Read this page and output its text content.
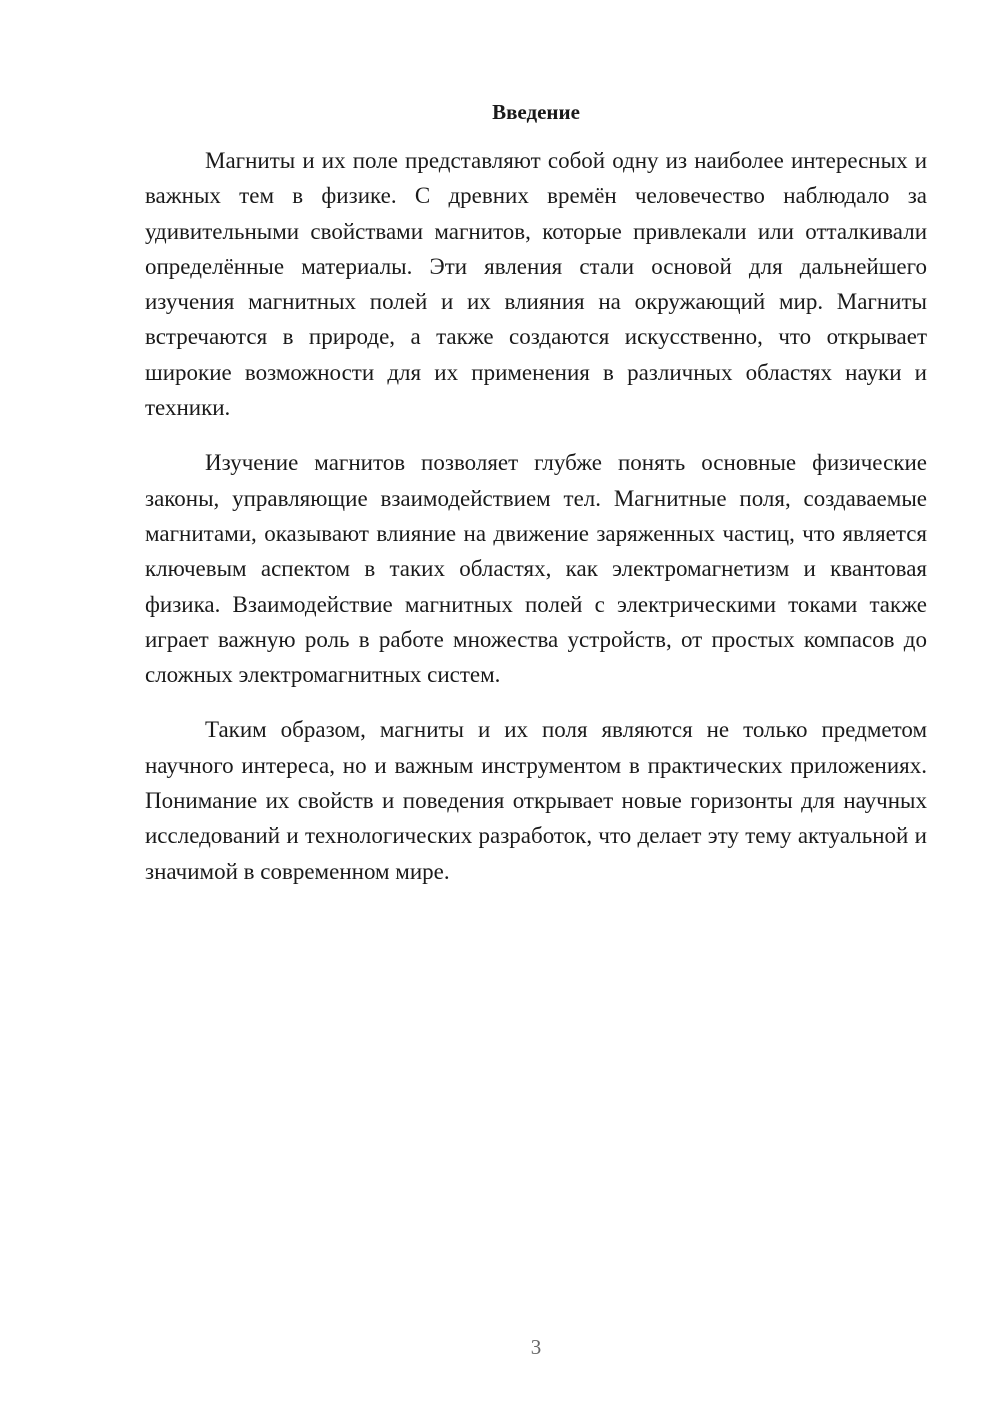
Введение

Магниты и их поле представляют собой одну из наиболее интересных и важных тем в физике. С древних времён человечество наблюдало за удивительными свойствами магнитов, которые привлекали или отталкивали определённые материалы. Эти явления стали основой для дальнейшего изучения магнитных полей и их влияния на окружающий мир. Магниты встречаются в природе, а также создаются искусственно, что открывает широкие возможности для их применения в различных областях науки и техники.

Изучение магнитов позволяет глубже понять основные физические законы, управляющие взаимодействием тел. Магнитные поля, создаваемые магнитами, оказывают влияние на движение заряженных частиц, что является ключевым аспектом в таких областях, как электромагнетизм и квантовая физика. Взаимодействие магнитных полей с электрическими токами также играет важную роль в работе множества устройств, от простых компасов до сложных электромагнитных систем.

Таким образом, магниты и их поля являются не только предметом научного интереса, но и важным инструментом в практических приложениях. Понимание их свойств и поведения открывает новые горизонты для научных исследований и технологических разработок, что делает эту тему актуальной и значимой в современном мире.

3
